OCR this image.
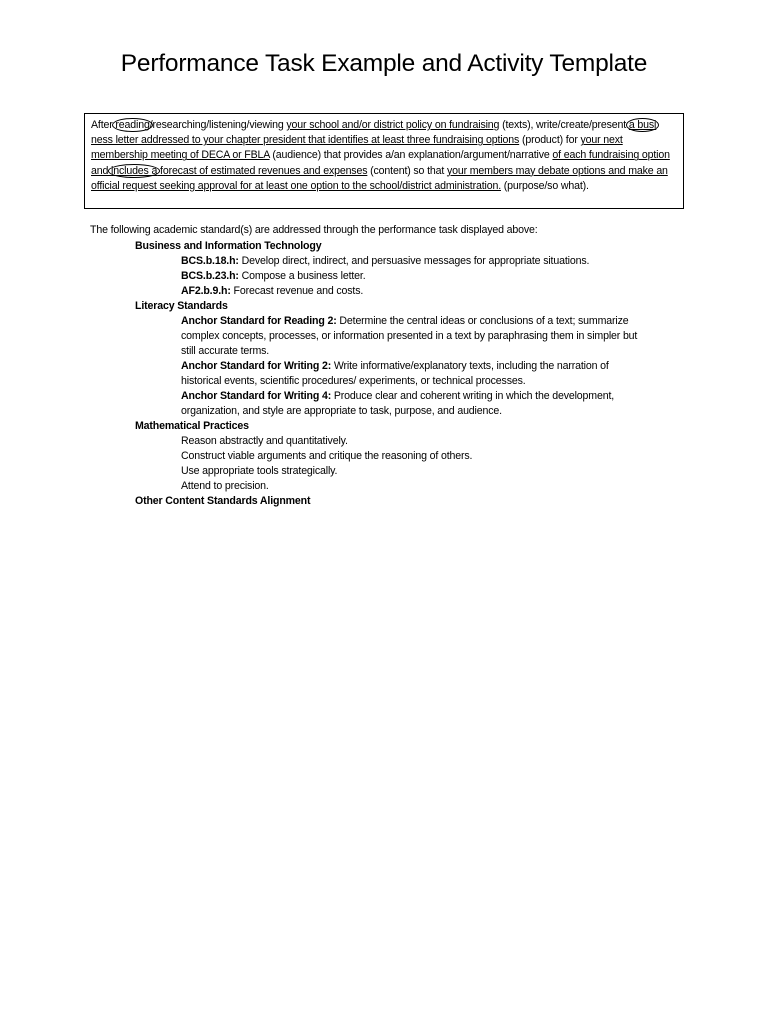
Performance Task Example and Activity Template
After reading/researching/listening/viewing your school and/or district policy on fundraising (texts), write/create/present a business letter addressed to your chapter president that identifies at least three fundraising options (product) for your next membership meeting of DECA or FBLA (audience) that provides a/an explanation/argument/narrative of each fundraising option and includes a forecast of estimated revenues and expenses (content) so that your members may debate options and make an official request seeking approval for at least one option to the school/district administration. (purpose/so what).
The following academic standard(s) are addressed through the performance task displayed above:
Business and Information Technology
BCS.b.18.h: Develop direct, indirect, and persuasive messages for appropriate situations.
BCS.b.23.h: Compose a business letter.
AF2.b.9.h: Forecast revenue and costs.
Literacy Standards
Anchor Standard for Reading 2: Determine the central ideas or conclusions of a text; summarize
complex concepts, processes, or information presented in a text by paraphrasing them in simpler but
still accurate terms.
Anchor Standard for Writing 2: Write informative/explanatory texts, including the narration of
historical events, scientific procedures/ experiments, or technical processes.
Anchor Standard for Writing 4: Produce clear and coherent writing in which the development,
organization, and style are appropriate to task, purpose, and audience.
Mathematical Practices
Reason abstractly and quantitatively.
Construct viable arguments and critique the reasoning of others.
Use appropriate tools strategically.
Attend to precision.
Other Content Standards Alignment
